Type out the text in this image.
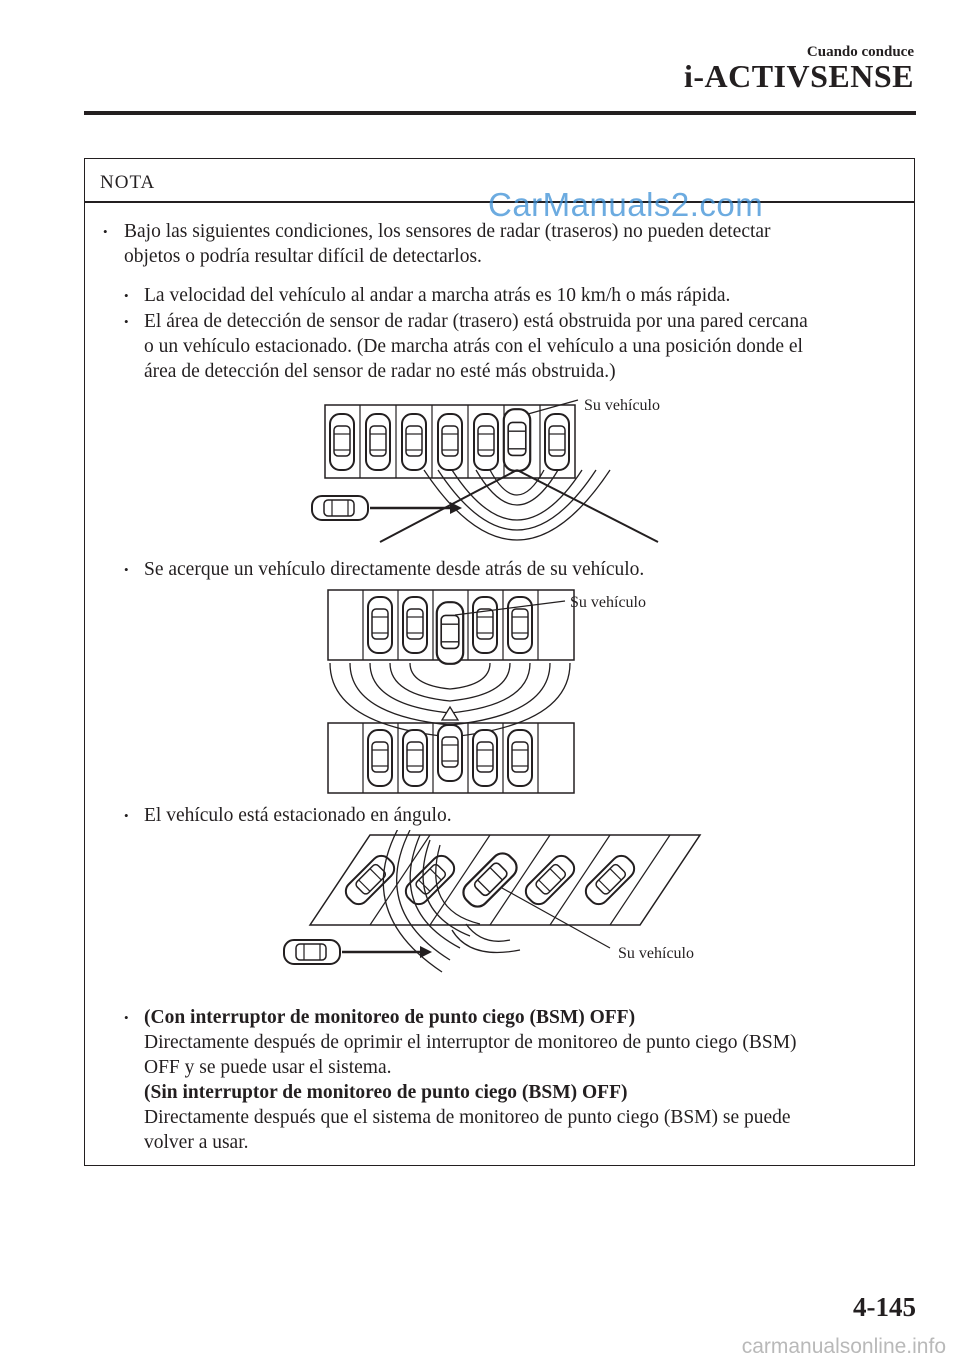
Cuando conduce
i-ACTIVSENSE
NOTA
CarManuals2.com
• Bajo las siguientes condiciones, los sensores de radar (traseros) no pueden detectar
objetos o podría resultar difícil de detectarlos.
• La velocidad del vehículo al andar a marcha atrás es 10 km/h o más rápida.
• El área de detección de sensor de radar (trasero) está obstruida por una pared cercana
o un vehículo estacionado. (De marcha atrás con el vehículo a una posición donde el
área de detección del sensor de radar no esté más obstruida.)
Su vehículo
• Se acerque un vehículo directamente desde atrás de su vehículo.
Su vehículo
• El vehículo está estacionado en ángulo.
Su vehículo
• (Con interruptor de monitoreo de punto ciego (BSM) OFF)
Directamente después de oprimir el interruptor de monitoreo de punto ciego (BSM)
OFF y se puede usar el sistema.
(Sin interruptor de monitoreo de punto ciego (BSM) OFF)
Directamente después que el sistema de monitoreo de punto ciego (BSM) se puede
volver a usar.
4-145
carmanualsonline.info
